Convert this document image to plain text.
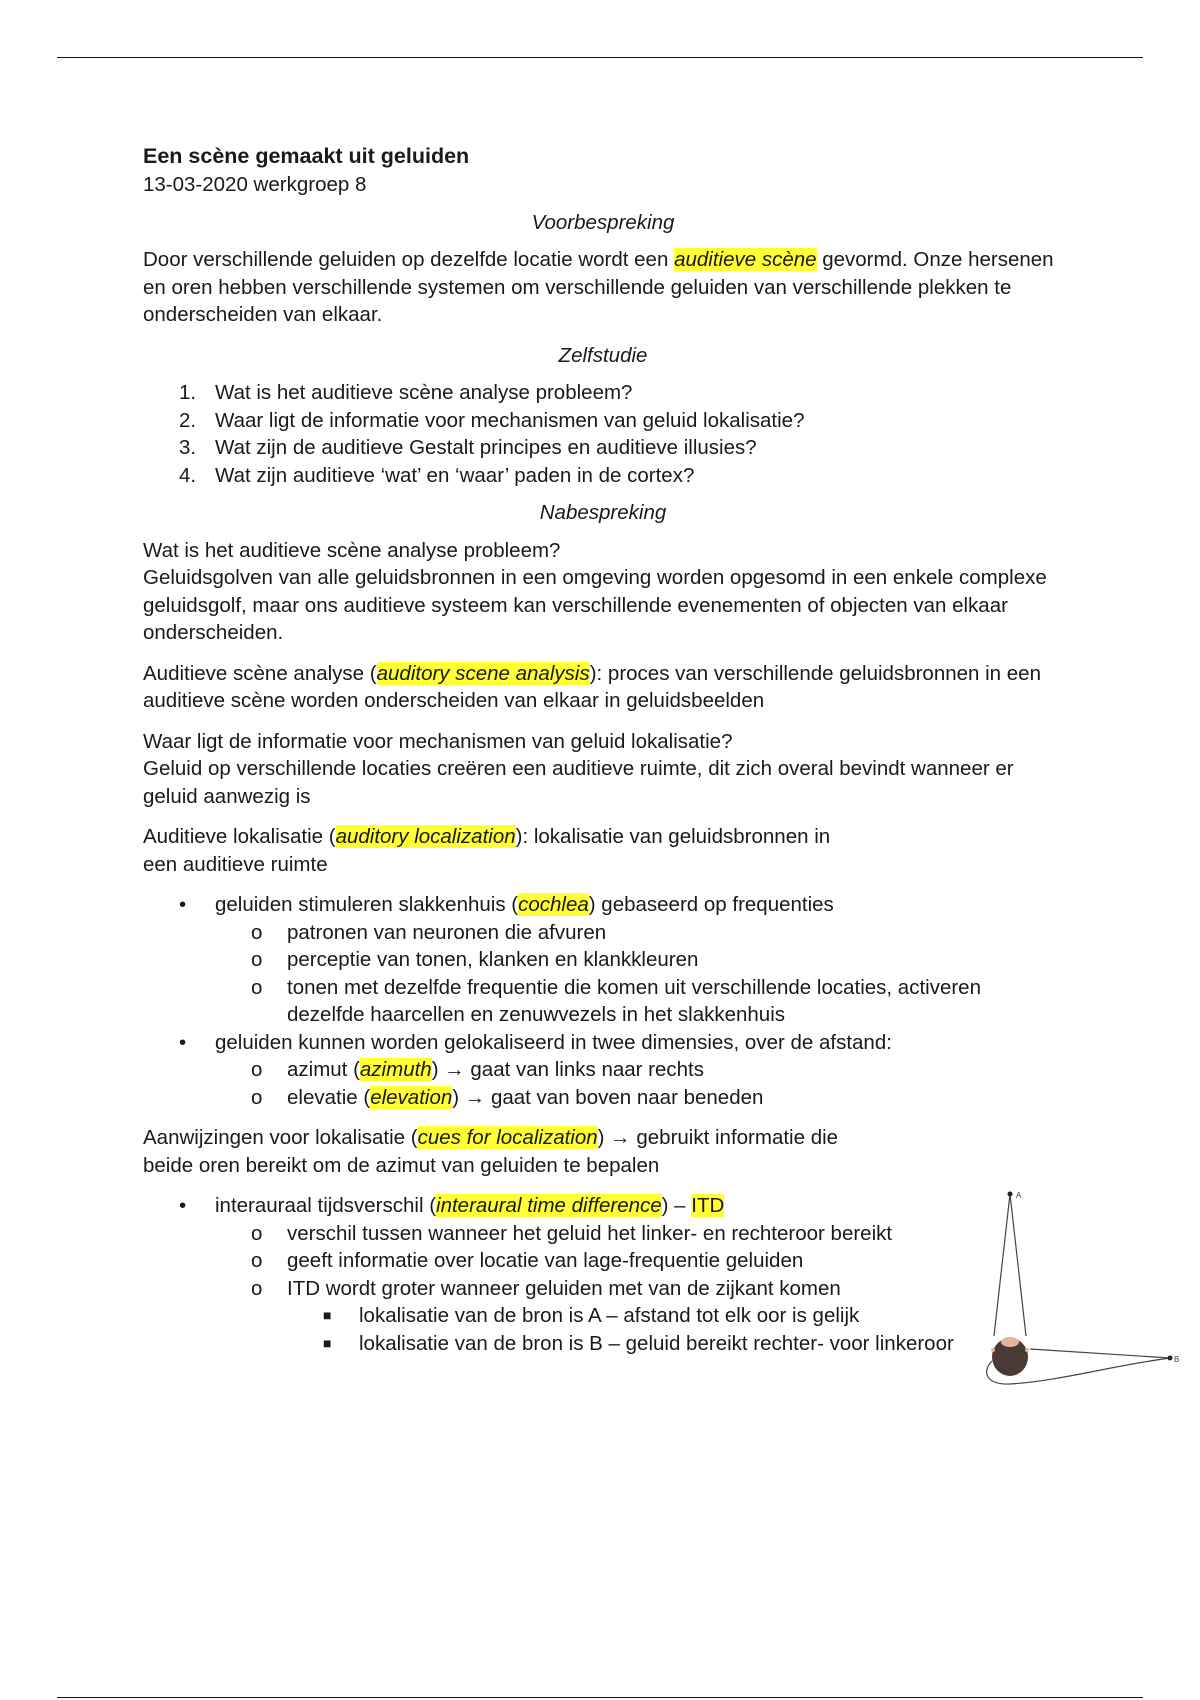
Een scène gemaakt uit geluiden

13-03-2020 werkgroep 8

Voorbespreking

Door verschillende geluiden op dezelfde locatie wordt een auditieve scène gevormd. Onze hersenen en oren hebben verschillende systemen om verschillende geluiden van verschillende plekken te onderscheiden van elkaar.

Zelfstudie
1. Wat is het auditieve scène analyse probleem?
2. Waar ligt de informatie voor mechanismen van geluid lokalisatie?
3. Wat zijn de auditieve Gestalt principes en auditieve illusies?
4. Wat zijn auditieve ‘wat’ en ‘waar’ paden in de cortex?
Nabespreking

Wat is het auditieve scène analyse probleem?
Geluidsgolven van alle geluidsbronnen in een omgeving worden opgesomd in een enkele complexe geluidsgolf, maar ons auditieve systeem kan verschillende evenementen of objecten van elkaar onderscheiden.

Auditieve scène analyse (auditory scene analysis): proces van verschillende geluidsbronnen in een auditieve scène worden onderscheiden van elkaar in geluidsbeelden

Waar ligt de informatie voor mechanismen van geluid lokalisatie?
Geluid op verschillende locaties creëren een auditieve ruimte, dit zich overal bevindt wanneer er geluid aanwezig is

Auditieve lokalisatie (auditory localization): lokalisatie van geluidsbronnen in
een auditieve ruimte

• geluiden stimuleren slakkenhuis (cochlea) gebaseerd op frequenties
o patronen van neuronen die afvuren
o perceptie van tonen, klanken en klankkleuren
o tonen met dezelfde frequentie die komen uit verschillende locaties, activeren dezelfde haarcellen en zenuwvezels in het slakkenhuis
• geluiden kunnen worden gelokaliseerd in twee dimensies, over de afstand:
o azimut (azimuth) → gaat van links naar rechts
o elevatie (elevation) → gaat van boven naar beneden

Aanwijzingen voor lokalisatie (cues for localization) → gebruikt informatie die
beide oren bereikt om de azimut van geluiden te bepalen

• interauraal tijdsverschil (interaural time difference) – ITD
o verschil tussen wanneer het geluid het linker- en rechteroor bereikt
o geeft informatie over locatie van lage-frequentie geluiden
o ITD wordt groter wanneer geluiden met van de zijkant komen
■ lokalisatie van de bron is A – afstand tot elk oor is gelijk
■ lokalisatie van de bron is B – geluid bereikt rechter- voor linkeroor
A
B
